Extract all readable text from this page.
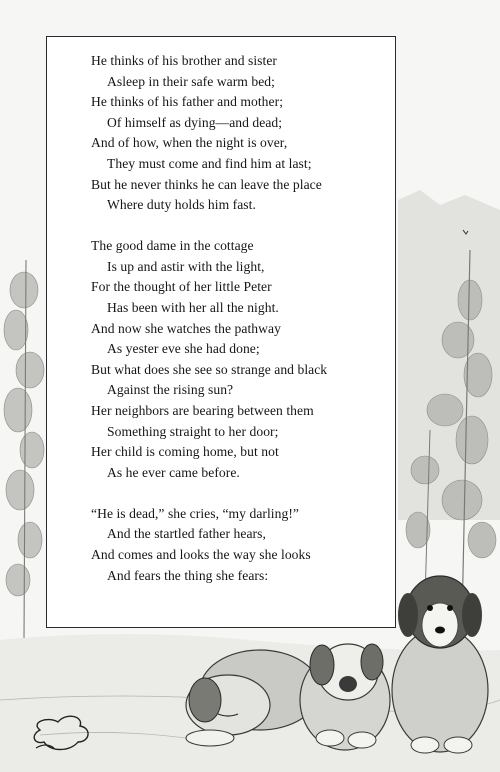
He thinks of his brother and sister
Asleep in their safe warm bed;
He thinks of his father and mother;
Of himself as dying—and dead;
And of how, when the night is over,
They must come and find him at last;
But he never thinks he can leave the place
Where duty holds him fast.
The good dame in the cottage
Is up and astir with the light,
For the thought of her little Peter
Has been with her all the night.
And now she watches the pathway
As yester eve she had done;
But what does she see so strange and black
Against the rising sun?
Her neighbors are bearing between them
Something straight to her door;
Her child is coming home, but not
As he ever came before.
“He is dead,” she cries, “my darling!”
And the startled father hears,
And comes and looks the way she looks
And fears the thing she fears:
